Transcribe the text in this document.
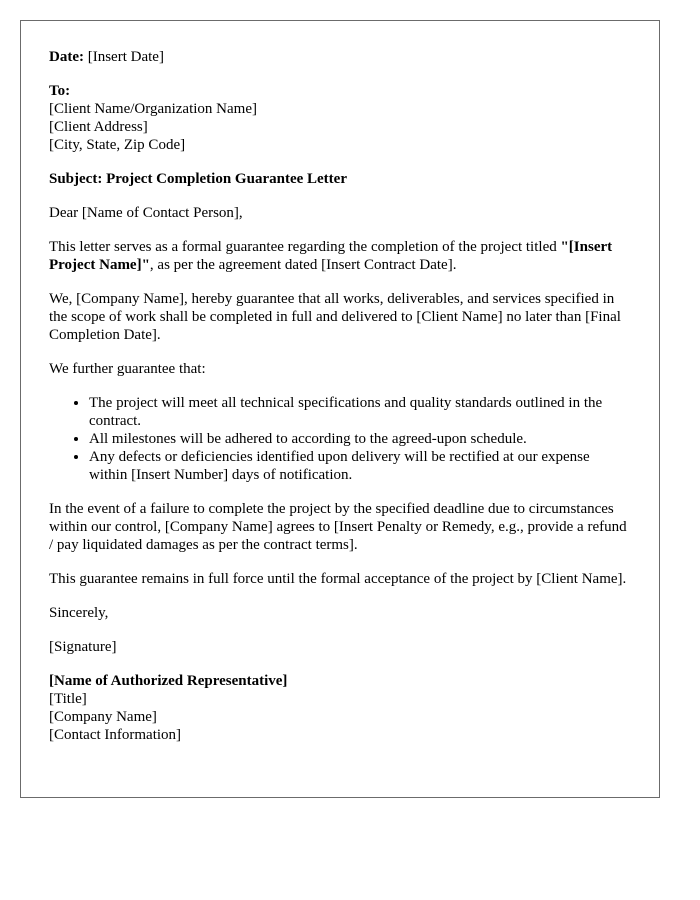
Date: [Insert Date]

To:

[Client Name/Organization Name]

[Client Address]

[City, State, Zip Code]

Subject: Project Completion Guarantee Letter

Dear [Name of Contact Person],

This letter serves as a formal guarantee regarding the completion of the project titled "[Insert Project Name]", as per the agreement dated [Insert Contract Date].

We, [Company Name], hereby guarantee that all works, deliverables, and services specified in the scope of work shall be completed in full and delivered to [Client Name] no later than [Final Completion Date].

We further guarantee that:

• The project will meet all technical specifications and quality standards outlined in the contract.
• All milestones will be adhered to according to the agreed-upon schedule.
• Any defects or deficiencies identified upon delivery will be rectified at our expense within [Insert Number] days of notification.

In the event of a failure to complete the project by the specified deadline due to circumstances within our control, [Company Name] agrees to [Insert Penalty or Remedy, e.g., provide a refund / pay liquidated damages as per the contract terms].

This guarantee remains in full force until the formal acceptance of the project by [Client Name].

Sincerely,

[Signature]

[Name of Authorized Representative]

[Title]

[Company Name]

[Contact Information]
